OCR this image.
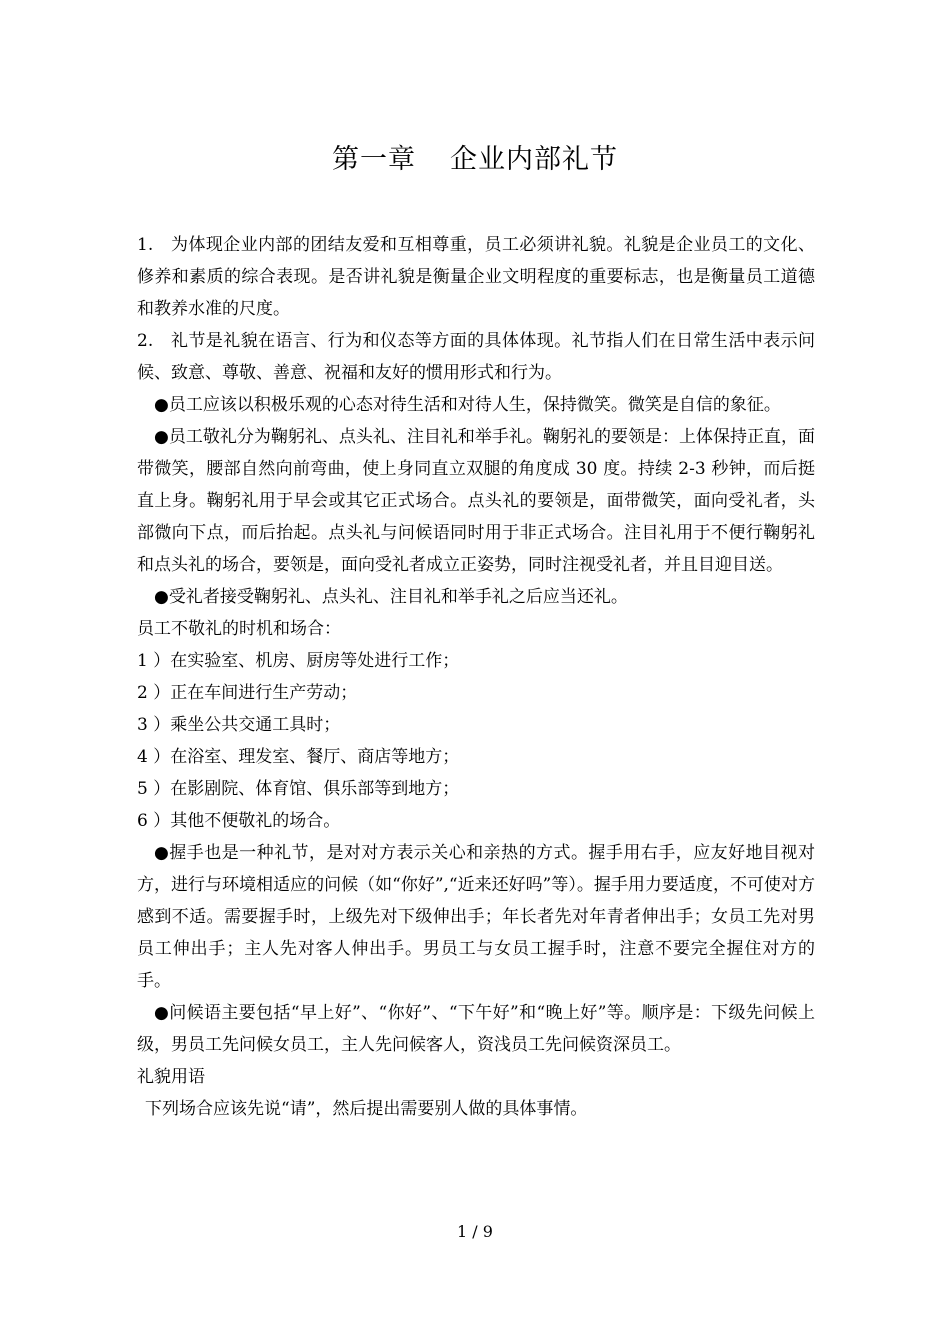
第一章 企业内部礼节

1.　为体现企业内部的团结友爱和互相尊重，员工必须讲礼貌。礼貌是企业员工的文化、修养和素质的综合表现。是否讲礼貌是衡量企业文明程度的重要标志，也是衡量员工道德和教养水准的尺度。

2.　礼节是礼貌在语言、行为和仪态等方面的具体体现。礼节指人们在日常生活中表示问候、致意、尊敬、善意、祝福和友好的惯用形式和行为。

●员工应该以积极乐观的心态对待生活和对待人生，保持微笑。微笑是自信的象征。

●员工敬礼分为鞠躬礼、点头礼、注目礼和举手礼。鞠躬礼的要领是：上体保持正直，面带微笑，腰部自然向前弯曲，使上身同直立双腿的角度成 30 度。持续 2-3 秒钟，而后挺直上身。鞠躬礼用于早会或其它正式场合。点头礼的要领是，面带微笑，面向受礼者，头部微向下点，而后抬起。点头礼与问候语同时用于非正式场合。注目礼用于不便行鞠躬礼和点头礼的场合，要领是，面向受礼者成立正姿势，同时注视受礼者，并且目迎目送。

●受礼者接受鞠躬礼、点头礼、注目礼和举手礼之后应当还礼。

员工不敬礼的时机和场合：

1 ）在实验室、机房、厨房等处进行工作；

2 ）正在车间进行生产劳动；

3 ）乘坐公共交通工具时；

4 ）在浴室、理发室、餐厅、商店等地方；

5 ）在影剧院、体育馆、俱乐部等到地方；

6 ）其他不便敬礼的场合。

●握手也是一种礼节，是对对方表示关心和亲热的方式。握手用右手，应友好地目视对方，进行与环境相适应的问候（如“你好”,“近来还好吗”等）。握手用力要适度，不可使对方感到不适。需要握手时，上级先对下级伸出手；年长者先对年青者伸出手；女员工先对男员工伸出手；主人先对客人伸出手。男员工与女员工握手时，注意不要完全握住对方的手。

●问候语主要包括“早上好”、“你好”、“下午好”和“晚上好”等。顺序是：下级先问候上级，男员工先问候女员工，主人先问候客人，资浅员工先问候资深员工。

礼貌用语

下列场合应该先说“请”，然后提出需要别人做的具体事情。

1 / 9
